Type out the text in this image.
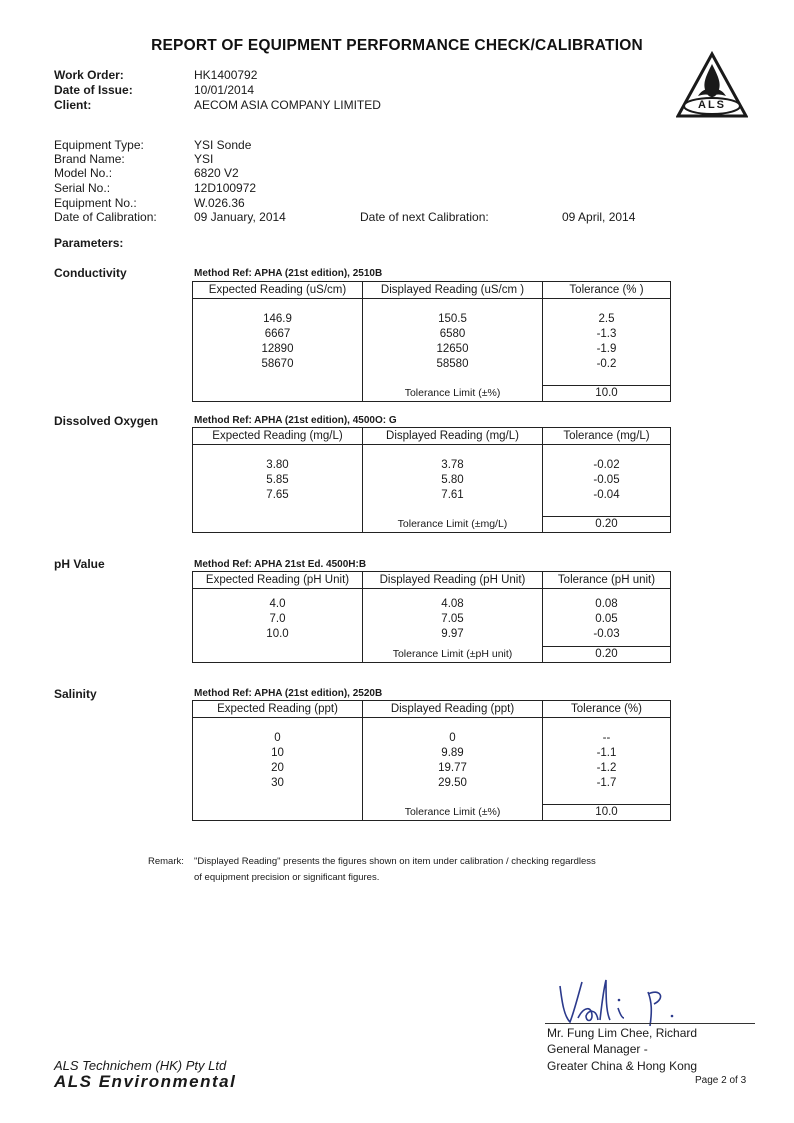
REPORT OF EQUIPMENT PERFORMANCE CHECK/CALIBRATION
ALS
Work Order:	HK1400792
Date of Issue:	10/01/2014
Client:	AECOM ASIA COMPANY LIMITED
Equipment Type:	YSI Sonde
Brand Name:	YSI
Model No.:	6820 V2
Serial No.:	12D100972
Equipment No.:	W.026.36
Date of Calibration:	09 January, 2014	Date of next Calibration:	09 April, 2014
Parameters:
Conductivity	Method Ref: APHA (21st edition), 2510B
Expected Reading (uS/cm)	Displayed Reading (uS/cm )	Tolerance (% )

146.9	150.5	2.5
6667	6580	-1.3
12890	12650	-1.9
58670	58580	-0.2

	Tolerance Limit (±%)	10.0
Dissolved Oxygen	Method Ref: APHA (21st edition), 4500O: G
Expected Reading (mg/L)	Displayed Reading (mg/L)	Tolerance (mg/L)

3.80	3.78	-0.02
5.85	5.80	-0.05
7.65	7.61	-0.04

	Tolerance Limit (±mg/L)	0.20
pH Value	Method Ref: APHA 21st Ed. 4500H:B
Expected Reading (pH Unit)	Displayed Reading (pH Unit)	Tolerance (pH unit)

4.0	4.08	0.08
7.0	7.05	0.05
10.0	9.97	-0.03

	Tolerance Limit (±pH unit)	0.20
Salinity	Method Ref: APHA (21st edition), 2520B
Expected Reading (ppt)	Displayed Reading (ppt)	Tolerance (%)

0	0	--
10	9.89	-1.1
20	19.77	-1.2
30	29.50	-1.7

	Tolerance Limit (±%)	10.0
Remark: "Displayed Reading" presents the figures shown on item under calibration / checking regardless
of equipment precision or significant figures.
Mr. Fung Lim Chee, Richard
General Manager -
Greater China & Hong Kong
ALS Technichem (HK) Pty Ltd
ALS Environmental	Page 2 of 3
